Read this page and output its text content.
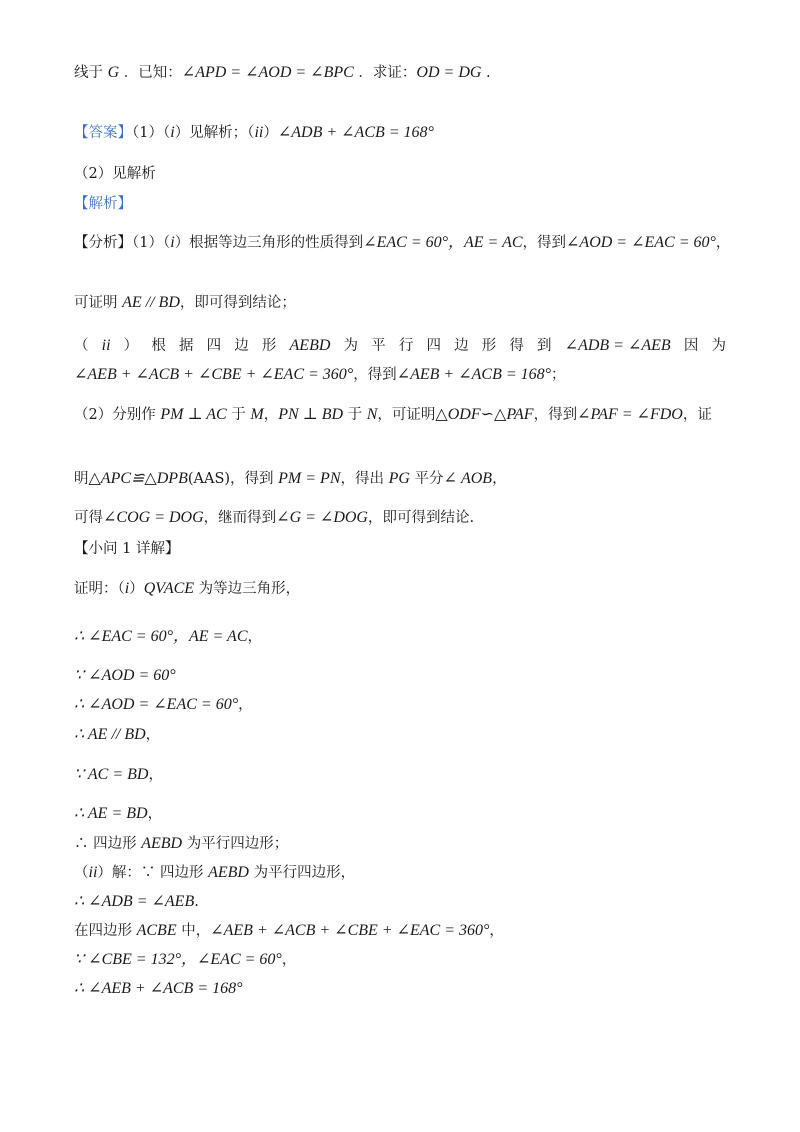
线于 G ．已知：∠APD = ∠AOD = ∠BPC ．求证：OD = DG .
【答案】（1）（i）见解析；（ii）∠ADB + ∠ACB = 168°
（2）见解析
【解析】
【分析】（1）（i）根据等边三角形的性质得到∠EAC = 60°，AE = AC，得到∠AOD = ∠EAC = 60°，
可证明 AE // BD，即可得到结论；
∠AEB + ∠ACB + ∠CBE + ∠EAC = 360°，得到∠AEB + ∠ACB = 168°；
（2）分别作 PM ⊥ AC 于 M，PN ⊥ BD 于 N，可证明△ODF∽△PAF，得到∠PAF = ∠FDO，证
明△APC≌△DPB(AAS)，得到 PM = PN，得出 PG 平分∠ AOB，
可得∠COG = DOG，继而得到∠G = ∠DOG，即可得到结论.
【小问 1 详解】
证明：（i）QVACE 为等边三角形，
∴ ∠EAC = 60°，AE = AC，
∵ ∠AOD = 60°
∴ ∠AOD = ∠EAC = 60°，
∴ AE // BD，
∵ AC = BD，
∴ AE = BD，
∴ 四边形 AEBD 为平行四边形；
（ii）解：∵ 四边形 AEBD 为平行四边形，
∴ ∠ADB = ∠AEB.
在四边形 ACBE 中，∠AEB + ∠ACB + ∠CBE + ∠EAC = 360°，
∵ ∠CBE = 132°，∠EAC = 60°，
∴ ∠AEB + ∠ACB = 168°
（ ii ） 根 据 四 边 形 AEBD 为 平 行 四 边 形 得 到 ∠ADB = ∠AEB 因 为
